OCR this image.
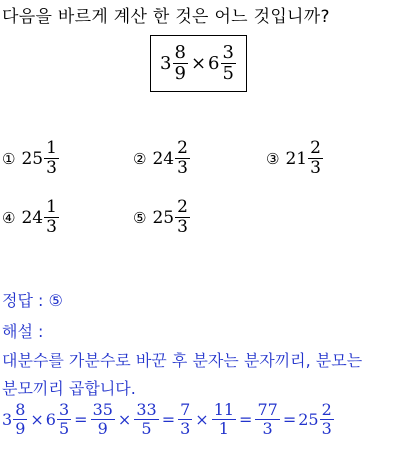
다음을 바르게 계산 한 것은 어느 것입니까?
$3 \frac{8}{9} \times 6 \frac{3}{5}$
① $25 \frac{1}{3}$	② $24 \frac{2}{3}$	③ $21 \frac{2}{3}$
④ $24 \frac{1}{3}$	⑤ $25 \frac{2}{3}$
정답 : ⑤
해설 :
대분수를 가분수로 바꾼 후 분자는 분자끼리, 분모는
분모끼리 곱합니다.
$3 \frac{8}{9} \times 6 \frac{3}{5} = \frac{35}{9} \times \frac{33}{5} = \frac{7}{3} \times \frac{11}{1} = \frac{77}{3} = 25 \frac{2}{3}$
